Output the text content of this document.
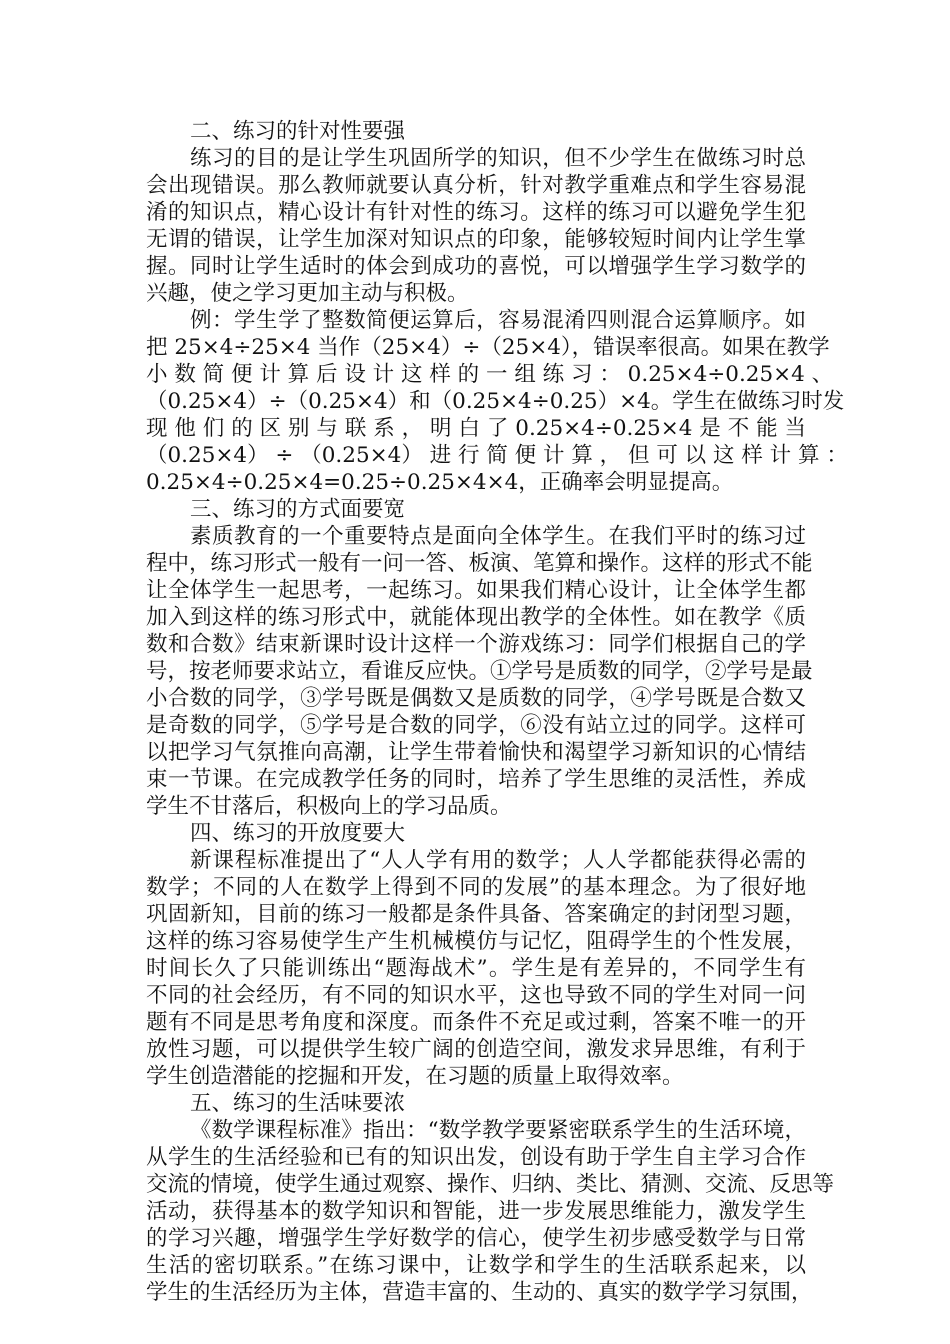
二、练习的针对性要强
练习的目的是让学生巩固所学的知识，但不少学生在做练习时总
会出现错误。那么教师就要认真分析，针对教学重难点和学生容易混
淆的知识点，精心设计有针对性的练习。这样的练习可以避免学生犯
无谓的错误，让学生加深对知识点的印象，能够较短时间内让学生掌
握。同时让学生适时的体会到成功的喜悦，可以增强学生学习数学的
兴趣，使之学习更加主动与积极。
例：学生学了整数简便运算后，容易混淆四则混合运算顺序。如
把 25×4÷25×4 当作（25×4）÷（25×4），错误率很高。如果在教学
小 数 简 便 计 算 后 设 计 这 样 的 一 组 练 习 ： 0.25×4÷0.25×4 、
（0.25×4）÷（0.25×4）和（0.25×4÷0.25）×4。学生在做练习时发
现 他 们 的 区 别 与 联 系 ， 明 白 了 0.25×4÷0.25×4 是 不 能 当
（0.25×4） ÷ （0.25×4） 进 行 简 便 计 算 ， 但 可 以 这 样 计 算 ：
0.25×4÷0.25×4=0.25÷0.25×4×4，正确率会明显提高。
三、练习的方式面要宽
素质教育的一个重要特点是面向全体学生。在我们平时的练习过
程中，练习形式一般有一问一答、板演、笔算和操作。这样的形式不能
让全体学生一起思考，一起练习。如果我们精心设计，让全体学生都
加入到这样的练习形式中，就能体现出教学的全体性。如在教学《质
数和合数》结束新课时设计这样一个游戏练习：同学们根据自己的学
号，按老师要求站立，看谁反应快。①学号是质数的同学，②学号是最
小合数的同学，③学号既是偶数又是质数的同学，④学号既是合数又
是奇数的同学，⑤学号是合数的同学，⑥没有站立过的同学。这样可
以把学习气氛推向高潮，让学生带着愉快和渴望学习新知识的心情结
束一节课。在完成教学任务的同时，培养了学生思维的灵活性，养成
学生不甘落后，积极向上的学习品质。
四、练习的开放度要大
新课程标准提出了“人人学有用的数学；人人学都能获得必需的
数学；不同的人在数学上得到不同的发展”的基本理念。为了很好地
巩固新知，目前的练习一般都是条件具备、答案确定的封闭型习题，
这样的练习容易使学生产生机械模仿与记忆，阻碍学生的个性发展，
时间长久了只能训练出“题海战术”。学生是有差异的，不同学生有
不同的社会经历，有不同的知识水平，这也导致不同的学生对同一问
题有不同是思考角度和深度。而条件不充足或过剩，答案不唯一的开
放性习题，可以提供学生较广阔的创造空间，激发求异思维，有利于
学生创造潜能的挖掘和开发，在习题的质量上取得效率。
五、练习的生活味要浓
《数学课程标准》指出：“数学教学要紧密联系学生的生活环境，
从学生的生活经验和已有的知识出发，创设有助于学生自主学习合作
交流的情境，使学生通过观察、操作、归纳、类比、猜测、交流、反思等
活动，获得基本的数学知识和智能，进一步发展思维能力，激发学生
的学习兴趣，增强学生学好数学的信心，使学生初步感受数学与日常
生活的密切联系。”在练习课中，让数学和学生的生活联系起来，以
学生的生活经历为主体，营造丰富的、生动的、真实的数学学习氛围，
